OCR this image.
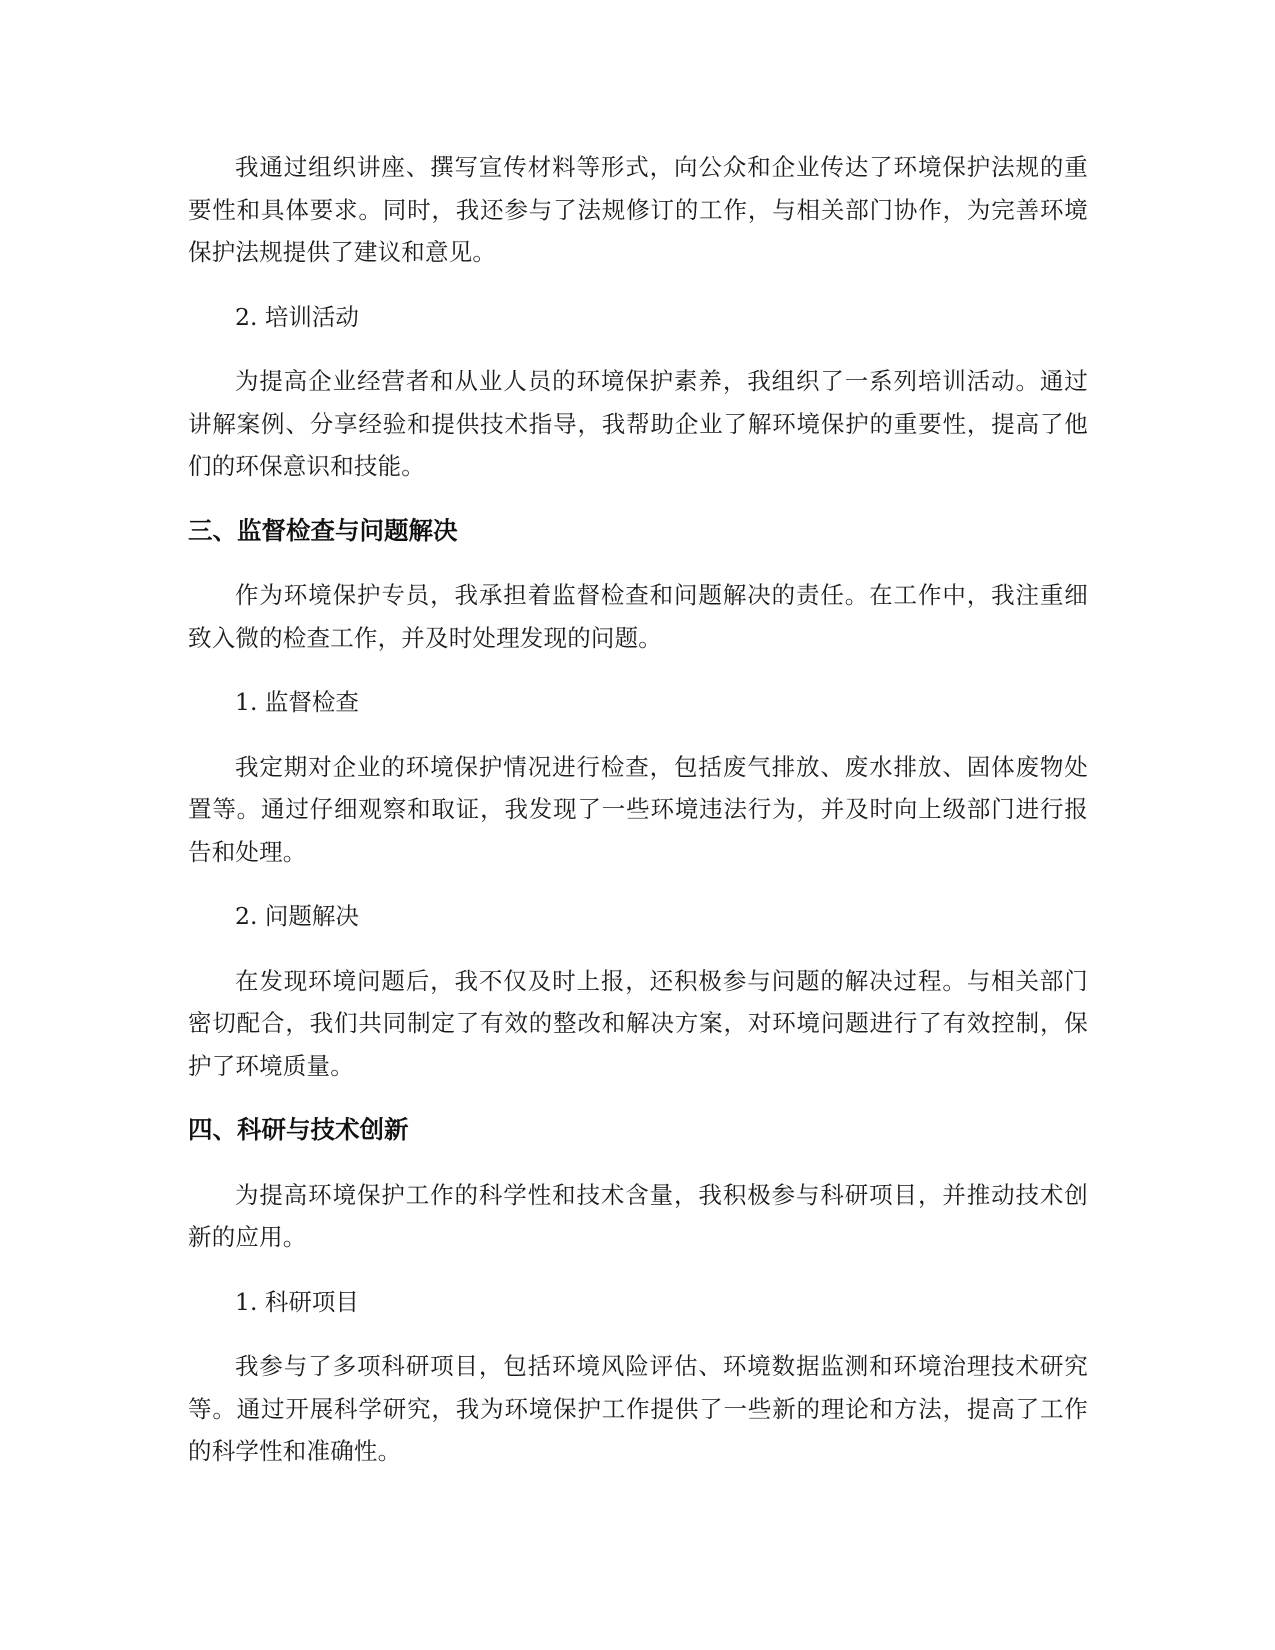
我通过组织讲座、撰写宣传材料等形式，向公众和企业传达了环境保护法规的重要性和具体要求。同时，我还参与了法规修订的工作，与相关部门协作，为完善环境保护法规提供了建议和意见。

2. 培训活动

为提高企业经营者和从业人员的环境保护素养，我组织了一系列培训活动。通过讲解案例、分享经验和提供技术指导，我帮助企业了解环境保护的重要性，提高了他们的环保意识和技能。

三、监督检查与问题解决

作为环境保护专员，我承担着监督检查和问题解决的责任。在工作中，我注重细致入微的检查工作，并及时处理发现的问题。

1. 监督检查

我定期对企业的环境保护情况进行检查，包括废气排放、废水排放、固体废物处置等。通过仔细观察和取证，我发现了一些环境违法行为，并及时向上级部门进行报告和处理。

2. 问题解决

在发现环境问题后，我不仅及时上报，还积极参与问题的解决过程。与相关部门密切配合，我们共同制定了有效的整改和解决方案，对环境问题进行了有效控制，保护了环境质量。

四、科研与技术创新

为提高环境保护工作的科学性和技术含量，我积极参与科研项目，并推动技术创新的应用。

1. 科研项目

我参与了多项科研项目，包括环境风险评估、环境数据监测和环境治理技术研究等。通过开展科学研究，我为环境保护工作提供了一些新的理论和方法，提高了工作的科学性和准确性。
